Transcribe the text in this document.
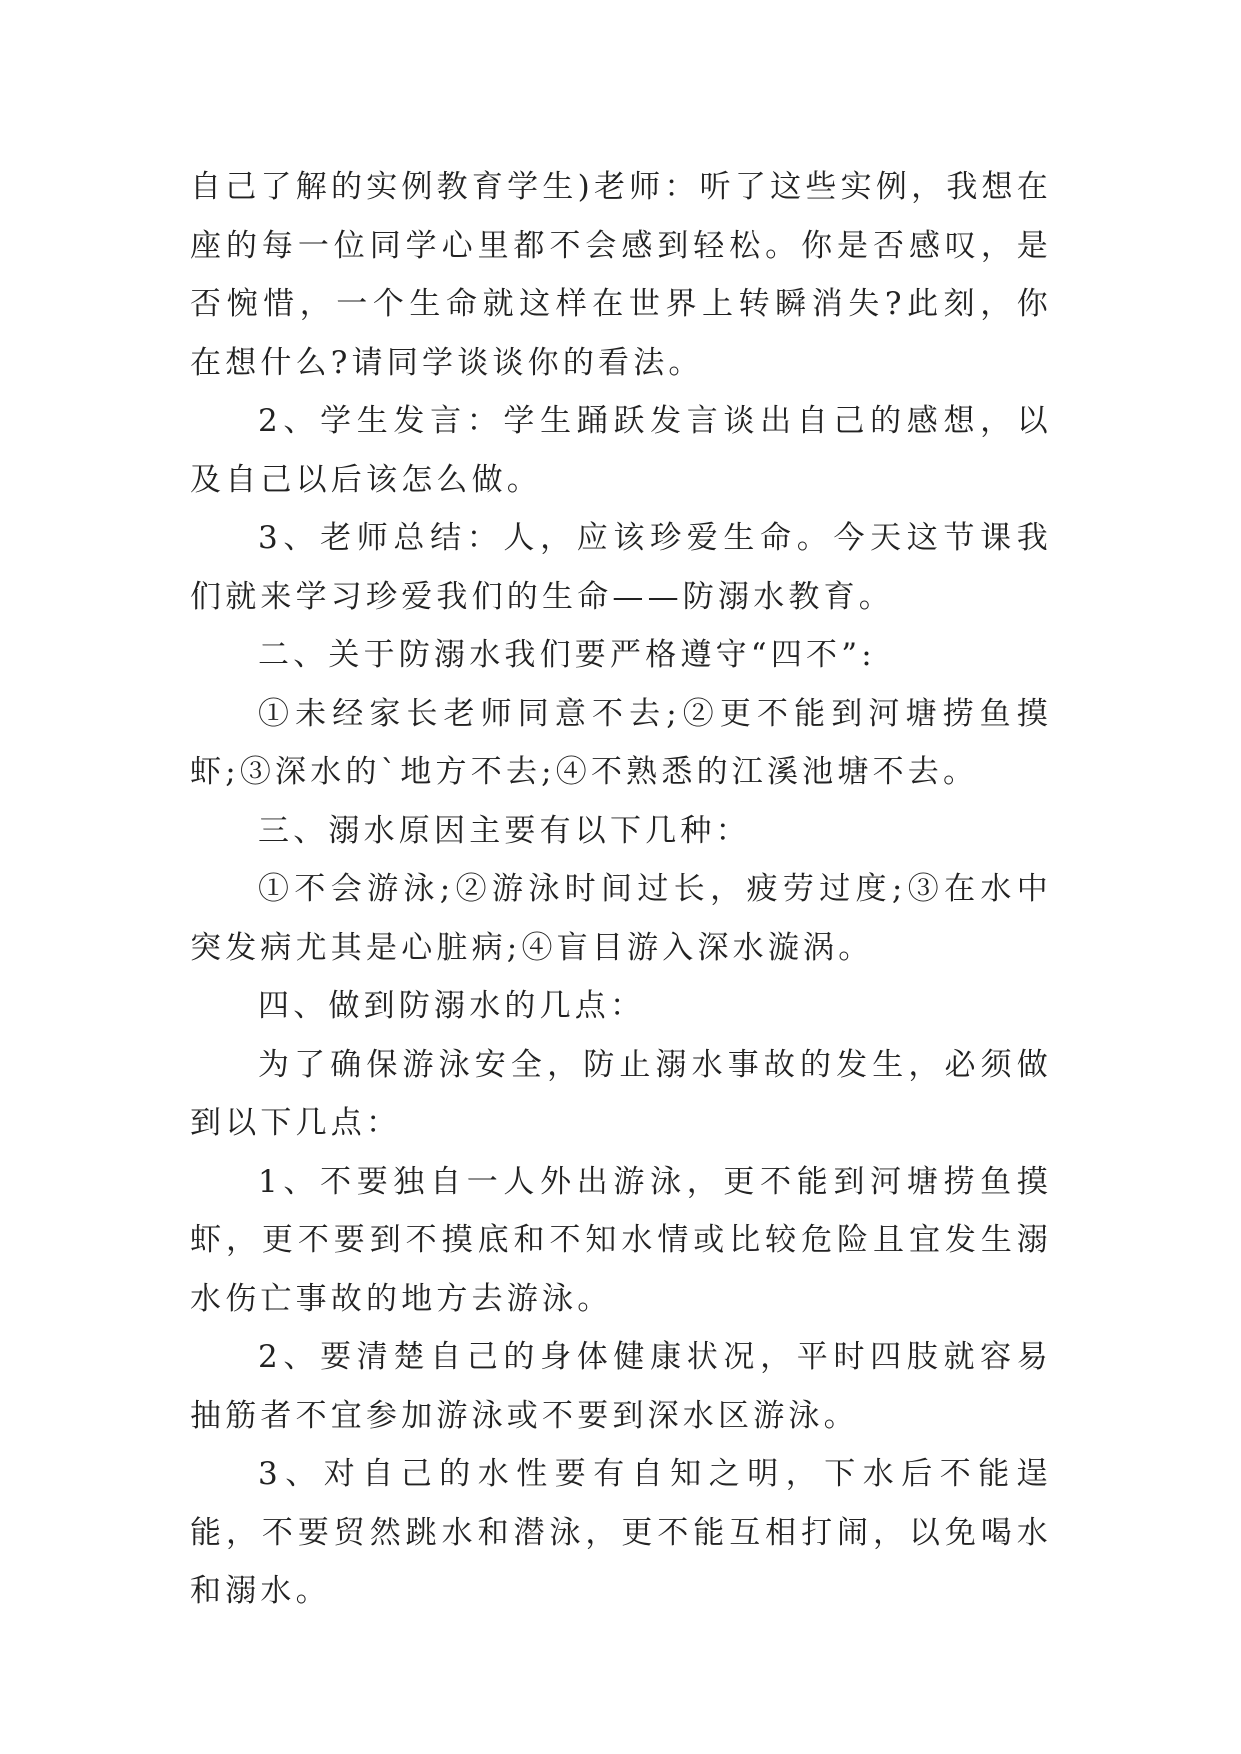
自己了解的实例教育学生)老师：听了这些实例，我想在座的每一位同学心里都不会感到轻松。你是否感叹，是否惋惜，一个生命就这样在世界上转瞬消失?此刻，你在想什么?请同学谈谈你的看法。

2、学生发言：学生踊跃发言谈出自己的感想，以及自己以后该怎么做。

3、老师总结：人，应该珍爱生命。今天这节课我们就来学习珍爱我们的生命——防溺水教育。

二、关于防溺水我们要严格遵守“四不”:

①未经家长老师同意不去;②更不能到河塘捞鱼摸虾;③深水的`地方不去;④不熟悉的江溪池塘不去。

三、溺水原因主要有以下几种：

①不会游泳;②游泳时间过长，疲劳过度;③在水中突发病尤其是心脏病;④盲目游入深水漩涡。

四、做到防溺水的几点：

为了确保游泳安全，防止溺水事故的发生，必须做到以下几点：

1、不要独自一人外出游泳，更不能到河塘捞鱼摸虾，更不要到不摸底和不知水情或比较危险且宜发生溺水伤亡事故的地方去游泳。

2、要清楚自己的身体健康状况，平时四肢就容易抽筋者不宜参加游泳或不要到深水区游泳。

3、对自己的水性要有自知之明，下水后不能逞能，不要贸然跳水和潜泳，更不能互相打闹，以免喝水和溺水。
